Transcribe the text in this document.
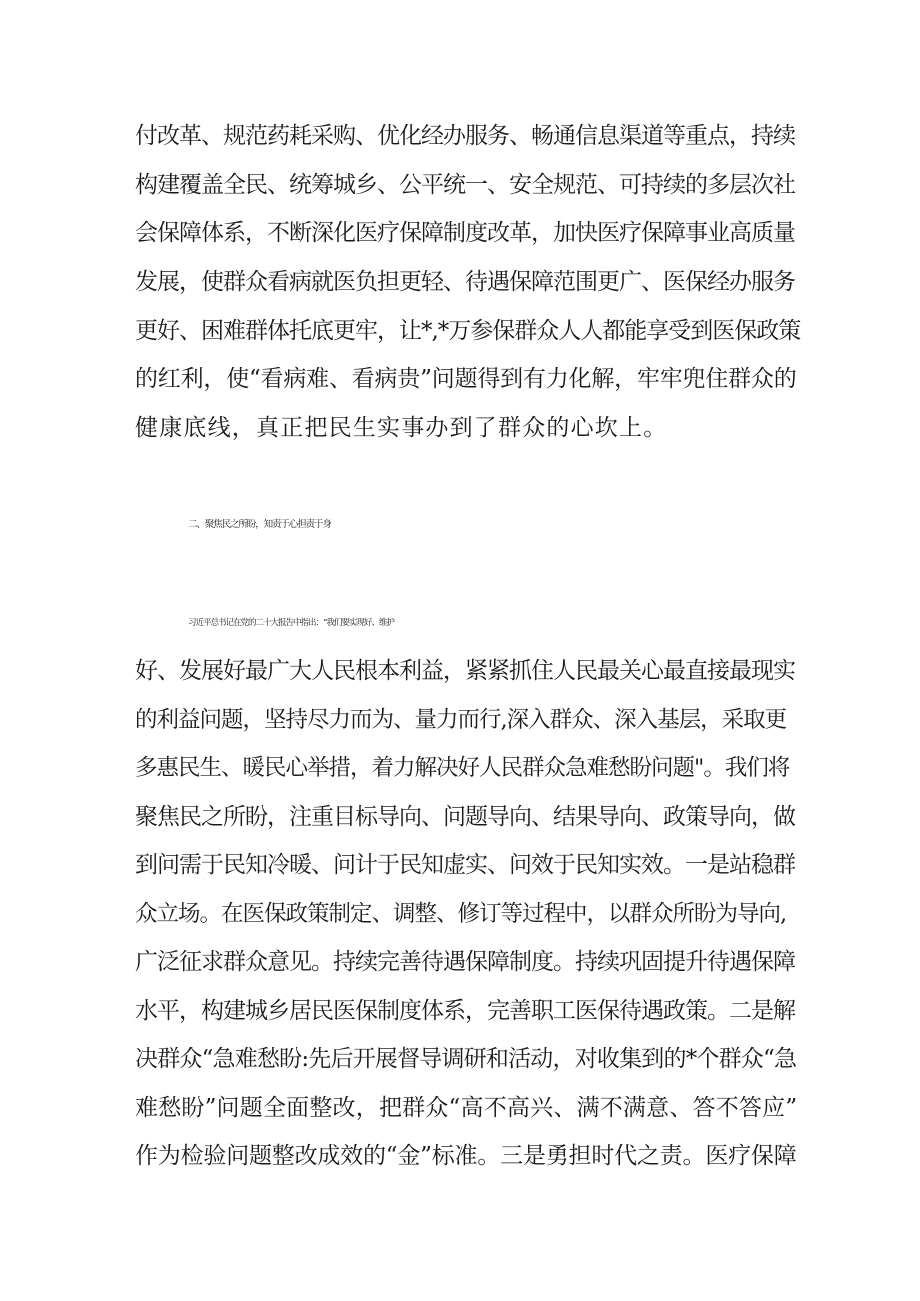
付改革、规范药耗采购、优化经办服务、畅通信息渠道等重点，持续
构建覆盖全民、统筹城乡、公平统一、安全规范、可持续的多层次社
会保障体系，不断深化医疗保障制度改革，加快医疗保障事业高质量
发展，使群众看病就医负担更轻、待遇保障范围更广、医保经办服务
更好、困难群体托底更牢，让*,*万参保群众人人都能享受到医保政策
的红利，使“看病难、看病贵”问题得到有力化解，牢牢兜住群众的
健康底线，真正把民生实事办到了群众的心坎上。
二、聚焦民之所盼，知责于心担责于身
习近平总书记在党的二十大报告中指出：“我们要实现好、维护
好、发展好最广大人民根本利益，紧紧抓住人民最关心最直接最现实
的利益问题，坚持尽力而为、量力而行,深入群众、深入基层，采取更
多惠民生、暖民心举措，着力解决好人民群众急难愁盼问题"。我们将
聚焦民之所盼，注重目标导向、问题导向、结果导向、政策导向，做
到问需于民知冷暖、问计于民知虚实、问效于民知实效。一是站稳群
众立场。在医保政策制定、调整、修订等过程中，以群众所盼为导向,
广泛征求群众意见。持续完善待遇保障制度。持续巩固提升待遇保障
水平，构建城乡居民医保制度体系，完善职工医保待遇政策。二是解
决群众“急难愁盼:先后开展督导调研和活动，对收集到的*个群众“急
难愁盼”问题全面整改，把群众“高不高兴、满不满意、答不答应”
作为检验问题整改成效的“金”标准。三是勇担时代之责。医疗保障
